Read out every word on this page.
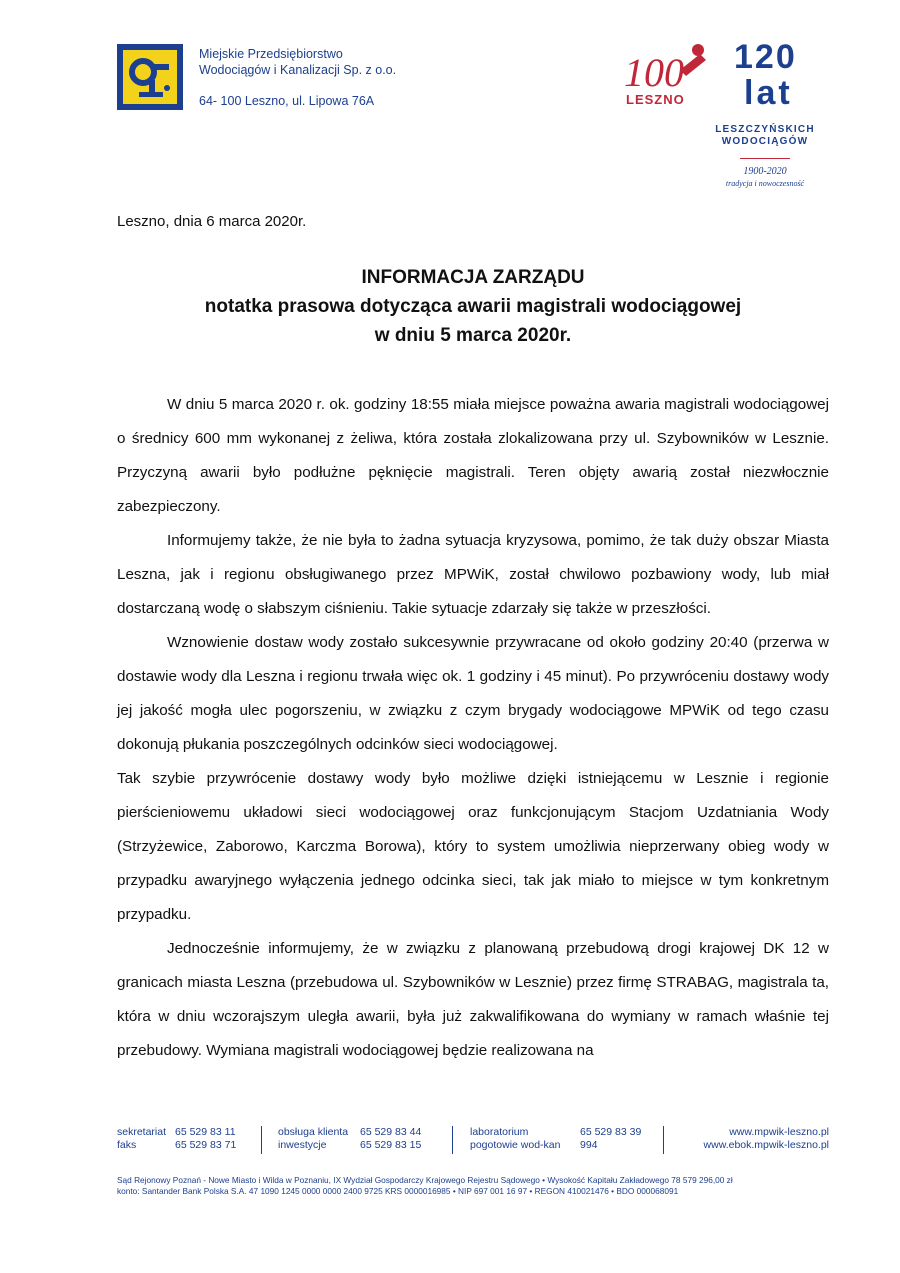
Miejskie Przedsiębiorstwo
Wodociągów i Kanalizacji Sp. z o.o.
64- 100 Leszno, ul. Lipowa 76A
100
LESZNO
120
lat
LESZCZYŃSKICH
WODOCIĄGÓW
1900-2020
tradycja i nowoczesność
Leszno, dnia 6 marca 2020r.
INFORMACJA ZARZĄDU
notatka prasowa dotycząca awarii magistrali wodociągowej
w dniu 5 marca 2020r.

W dniu 5 marca 2020 r. ok. godziny 18:55 miała miejsce poważna awaria magistrali wodociągowej o średnicy 600 mm wykonanej z żeliwa, która została zlokalizowana przy ul. Szybowników w Lesznie. Przyczyną awarii było podłużne pęknięcie magistrali. Teren objęty awarią został niezwłocznie zabezpieczony.

Informujemy także, że nie była to żadna sytuacja kryzysowa, pomimo, że tak duży obszar Miasta Leszna, jak i regionu obsługiwanego przez MPWiK, został chwilowo pozbawiony wody, lub miał dostarczaną wodę o słabszym ciśnieniu. Takie sytuacje zdarzały się także w przeszłości.

Wznowienie dostaw wody zostało sukcesywnie przywracane od około godziny 20:40 (przerwa w dostawie wody dla Leszna i regionu trwała więc ok. 1 godziny i 45 minut). Po przywróceniu dostawy wody jej jakość mogła ulec pogorszeniu, w związku z czym brygady wodociągowe MPWiK od tego czasu dokonują płukania poszczególnych odcinków sieci wodociągowej.

Tak szybie przywrócenie dostawy wody było możliwe dzięki istniejącemu w Lesznie i regionie pierścieniowemu układowi sieci wodociągowej oraz funkcjonującym Stacjom Uzdatniania Wody (Strzyżewice, Zaborowo, Karczma Borowa), który to system umożliwia nieprzerwany obieg wody w przypadku awaryjnego wyłączenia jednego odcinka sieci, tak jak miało to miejsce w tym konkretnym przypadku.

Jednocześnie informujemy, że w związku z planowaną przebudową drogi krajowej DK 12 w granicach miasta Leszna (przebudowa ul. Szybowników w Lesznie) przez firmę STRABAG, magistrala ta, która w dniu wczorajszym uległa awarii, była już zakwalifikowana do wymiany w ramach właśnie tej przebudowy. Wymiana magistrali wodociągowej będzie realizowana na

sekretariat 65 529 83 11
faks	65 529 83 71
obsługa klienta 65 529 83 44
inwestycje	65 529 83 15
laboratorium	65 529 83 39
pogotowie wod-kan 994
www.mpwik-leszno.pl
www.ebok.mpwik-leszno.pl
Sąd Rejonowy Poznań - Nowe Miasto i Wilda w Poznaniu, IX Wydział Gospodarczy Krajowego Rejestru Sądowego • Wysokość Kapitału Zakładowego 78 579 296,00 zł
konto: Santander Bank Polska S.A. 47 1090 1245 0000 0000 2400 9725 KRS 0000016985 • NIP 697 001 16 97 • REGON 410021476 • BDO 000068091
